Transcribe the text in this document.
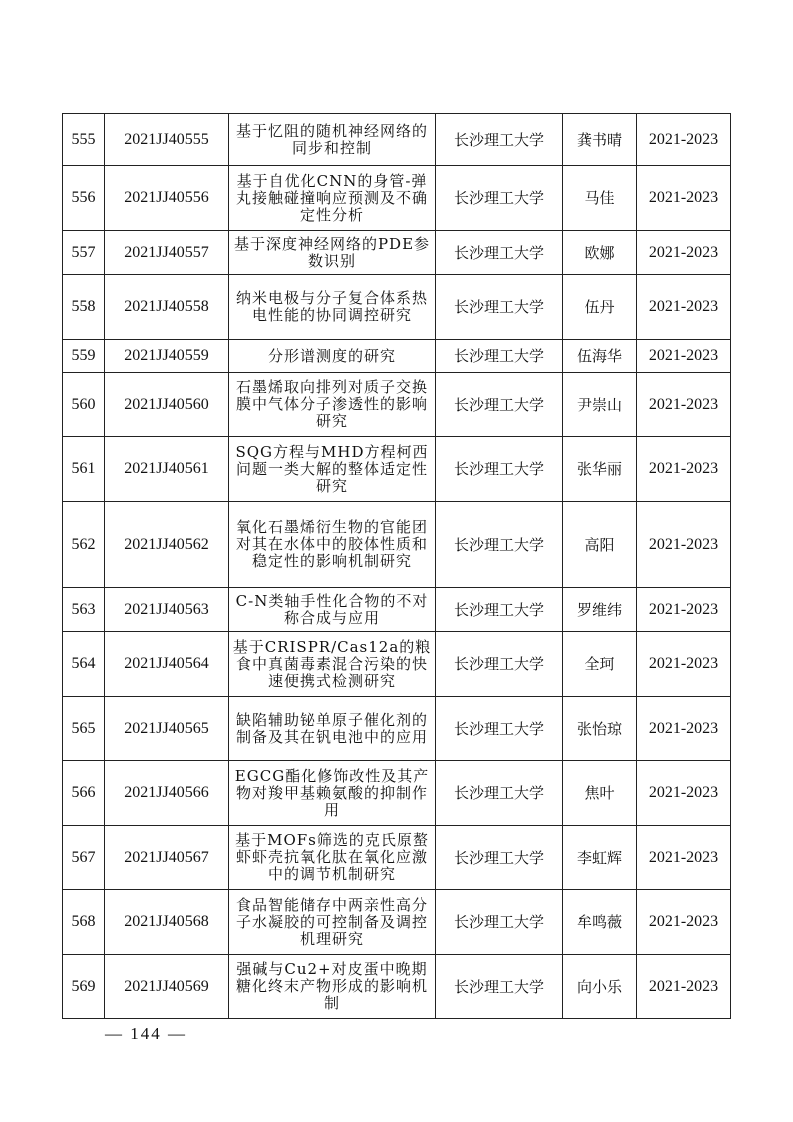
555	2021JJ40555	基于忆阻的随机神经网络的同步和控制	长沙理工大学	龚书晴	2021-2023
556	2021JJ40556	基于自优化CNN的身管-弹丸接触碰撞响应预测及不确定性分析	长沙理工大学	马佳	2021-2023
557	2021JJ40557	基于深度神经网络的PDE参数识别	长沙理工大学	欧娜	2021-2023
558	2021JJ40558	纳米电极与分子复合体系热电性能的协同调控研究	长沙理工大学	伍丹	2021-2023
559	2021JJ40559	分形谱测度的研究	长沙理工大学	伍海华	2021-2023
560	2021JJ40560	石墨烯取向排列对质子交换膜中气体分子渗透性的影响研究	长沙理工大学	尹崇山	2021-2023
561	2021JJ40561	SQG方程与MHD方程柯西问题一类大解的整体适定性研究	长沙理工大学	张华丽	2021-2023
562	2021JJ40562	氧化石墨烯衍生物的官能团对其在水体中的胶体性质和稳定性的影响机制研究	长沙理工大学	高阳	2021-2023
563	2021JJ40563	C-N类轴手性化合物的不对称合成与应用	长沙理工大学	罗维纬	2021-2023
564	2021JJ40564	基于CRISPR/Cas12a的粮食中真菌毒素混合污染的快速便携式检测研究	长沙理工大学	全珂	2021-2023
565	2021JJ40565	缺陷辅助铋单原子催化剂的制备及其在钒电池中的应用	长沙理工大学	张怡琼	2021-2023
566	2021JJ40566	EGCG酯化修饰改性及其产物对羧甲基赖氨酸的抑制作用	长沙理工大学	焦叶	2021-2023
567	2021JJ40567	基于MOFs筛选的克氏原螯虾虾壳抗氧化肽在氧化应激中的调节机制研究	长沙理工大学	李虹辉	2021-2023
568	2021JJ40568	食品智能储存中两亲性高分子水凝胶的可控制备及调控机理研究	长沙理工大学	牟鸣薇	2021-2023
569	2021JJ40569	强碱与Cu2+对皮蛋中晚期糖化终末产物形成的影响机制	长沙理工大学	向小乐	2021-2023
— 144 —
